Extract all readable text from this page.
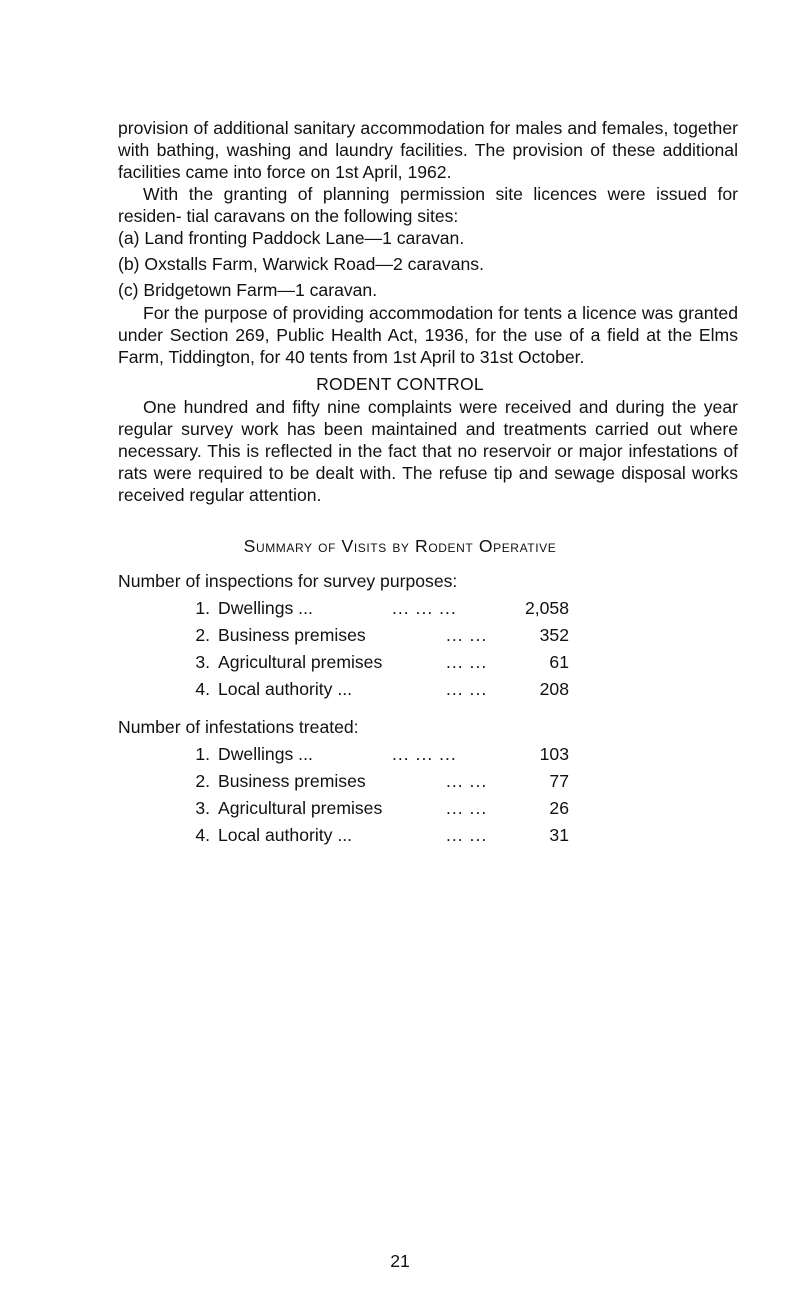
provision of additional sanitary accommodation for males and females, together with bathing, washing and laundry facilities. The provision of these additional facilities came into force on 1st April, 1962.

With the granting of planning permission site licences were issued for residen- tial caravans on the following sites:

(a) Land fronting Paddock Lane—1 caravan.

(b) Oxstalls Farm, Warwick Road—2 caravans.

(c) Bridgetown Farm—1 caravan.

For the purpose of providing accommodation for tents a licence was granted under Section 269, Public Health Act, 1936, for the use of a field at the Elms Farm, Tiddington, for 40 tents from 1st April to 31st October.

RODENT CONTROL

One hundred and fifty nine complaints were received and during the year regular survey work has been maintained and treatments carried out where necessary. This is reflected in the fact that no reservoir or major infestations of rats were required to be dealt with. The refuse tip and sewage disposal works received regular attention.

Summary of Visits by Rodent Operative

Number of inspections for survey purposes:

1. Dwellings ...	... ... ...	2,058
2. Business premises	... ...	352
3. Agricultural premises	... ...	61
4. Local authority ...	... ...	208

Number of infestations treated:

1. Dwellings ...	... ... ...	103
2. Business premises	... ...	77
3. Agricultural premises	... ...	26
4. Local authority ...	... ...	31
21
